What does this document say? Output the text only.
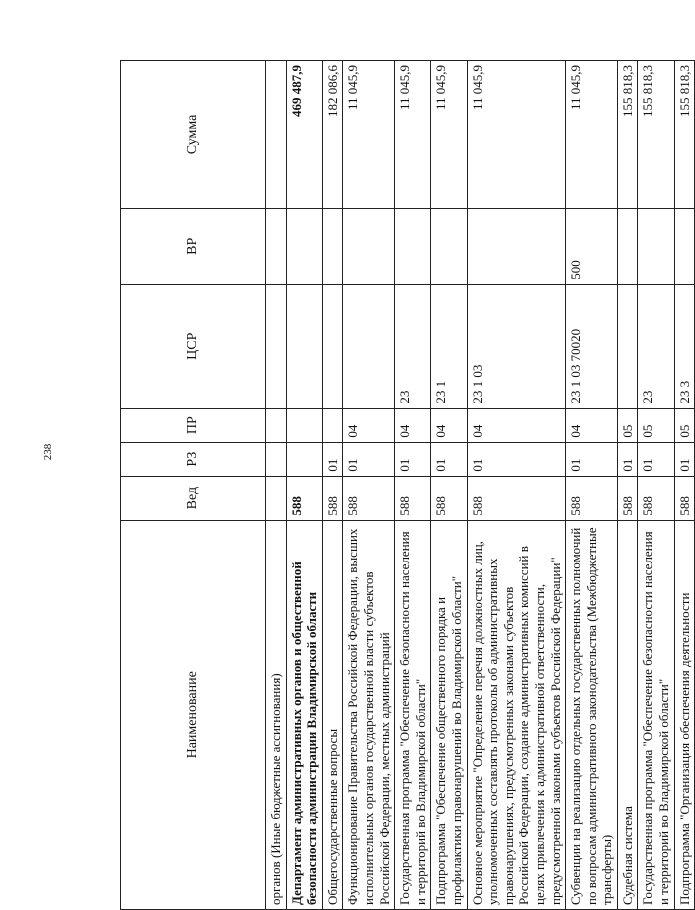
238
Наименование	Вед	РЗ	ПР	ЦСР	ВР	Сумма
органов (Иные бюджетные ассигнования)						
Департамент административных органов и общественной безопасности администрации Владимирской области	588					469 487,9
Общегосударственные вопросы	588	01				182 086,6
Функционирование Правительства Российской Федерации, высших исполнительных органов государственной власти субъектов Российской Федерации, местных администраций	588	01	04			11 045,9
Государственная программа "Обеспечение безопасности населения и территорий во Владимирской области"	588	01	04	23		11 045,9
Подпрограмма "Обеспечение общественного порядка и профилактики правонарушений во Владимирской области"	588	01	04	23 1		11 045,9
Основное мероприятие "Определение перечня должностных лиц, уполномоченных составлять протоколы об административных правонарушениях, предусмотренных законами субъектов Российской Федерации, создание административных комиссий в целях привлечения к административной ответственности, предусмотренной законами субъектов Российской Федерации"	588	01	04	23 1 03		11 045,9
Субвенции на реализацию отдельных государственных полномочий по вопросам административного законодательства (Межбюджетные трансферты)	588	01	04	23 1 03 70020	500	11 045,9
Судебная система	588	01	05			155 818,3
Государственная программа "Обеспечение безопасности населения и территорий во Владимирской области"	588	01	05	23		155 818,3
Подпрограмма "Организация обеспечения деятельности	588	01	05	23 3		155 818,3
